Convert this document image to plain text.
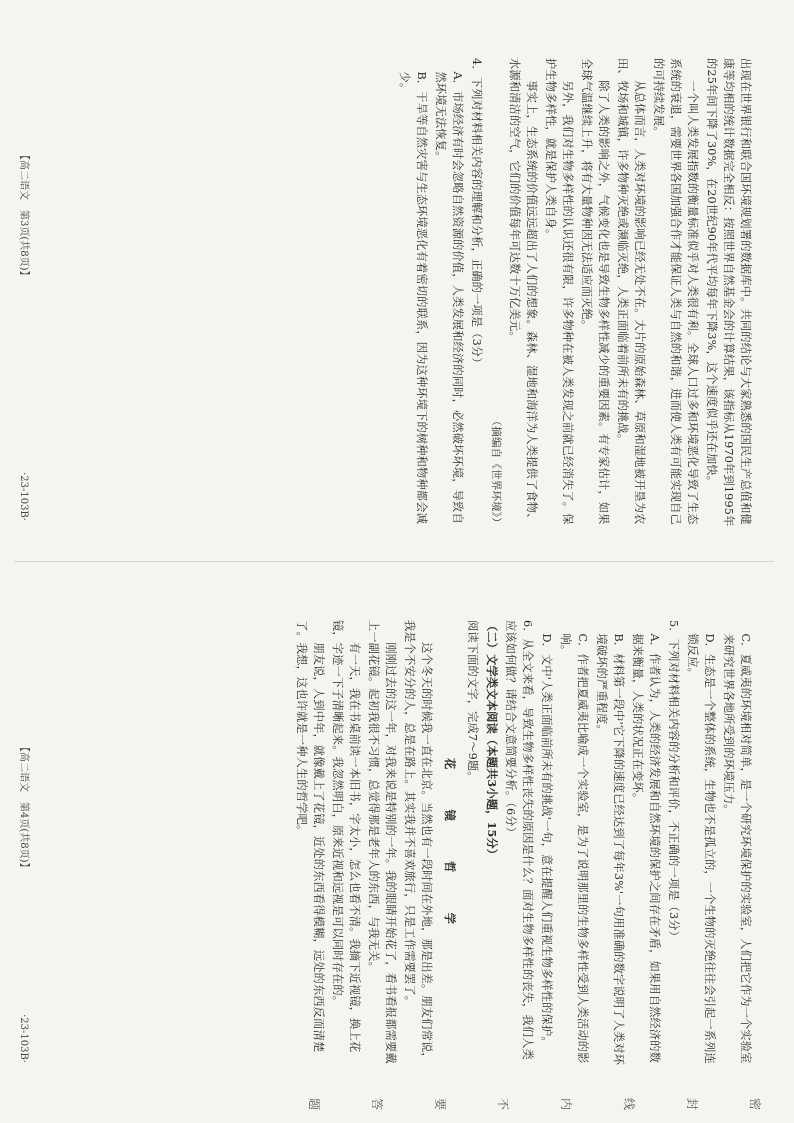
出现在世界银行和联合国环境规划署的数据库中。共同的结论与大家熟悉的国民生产总值和健康等均相的统计数据完全相反：按照世界自然基金会的计算结果，该指标从1970年到1995年的25年间下降了30%，在20世纪90年代平均每年下降3%，这个速度似乎还在加快。

一个叫人类发展指数的衡量标准似乎对人类很有利。全球人口过多和环境恶化导致了生态系统的衰退，需要世界各国加强合作才能保证人类与自然的和谐，进而使人类有可能实现自己的可持续发展。

从总体而言，人类对环境的影响已经无处不在。大片的原始森林、草原和湿地被开垦为农田、牧场和城镇，许多物种灭绝或濒临灭绝，人类正面临着前所未有的挑战。

除了人类的影响之外，气候变化也是导致生物多样性减少的重要因素。有专家估计，如果全球气温继续上升，将有大量物种因无法适应而灭绝。

另外，我们对生物多样性的认识还很有限，许多物种在被人类发现之前就已经消失了。保护生物多样性，就是保护人类自身。

事实上，生态系统的价值远远超出了人们的想象。森林、湿地和海洋为人类提供了食物、水源和清洁的空气，它们的价值每年可达数十万亿美元。

（摘编自《世界环境》）

4．下列对材料相关内容的理解和分析，正确的一项是（3分）

A．市场经济有时会忽略自然资源的价值，人类发展和经济的同时，必然破坏环境，导致自然环境无法恢复。

B．干旱等自然灾害与生态环境恶化有着密切的联系，因为这种环境下的树种和物种都会减少。

【高二语文　第3页(共8页)】
·23-103B·

C．夏威夷的环境相对简单，是一个研究环境保护的实验室，人们把它作为一个实验室来研究世界各地所受到的环境压力。

D．生态是一个整体的系统，生物也不是孤立的，一个生物的灭绝往往会引起一系列连锁反应。

5．下列对材料相关内容的分析和评价，不正确的一项是（3分）

A．作者认为，人类的经济发展和自然环境的保护之间存在矛盾，如果用自然经济的数据来衡量，人类的状况正在变坏。

B．材料第一段中'它下降的速度已经达到了每年3%'一句用准确的数字说明了人类对环境破坏的严重程度。

C．作者把夏威夷比喻成一个实验室，是为了说明那里的生物多样性受到人类活动的影响。

D．文中'人类正面临前所未有的挑战'一句，意在提醒人们重视生物多样性的保护。

6．从全文来看，导致生物多样性丧失的原因是什么？面对生物多样性的丧失，我们人类应该如何做？请结合文意简要分析。（6分）

（二）文学类文本阅读（本题共3小题，15分）

阅读下面的文字，完成7～9题。

花　　镜　　哲　　学

这个冬天的时候我一直在北京。当然也有一段时间在外地，那是出差。朋友们常说，我是个不安分的人，总是在路上。其实我并不喜欢旅行，只是工作需要罢了。

刚刚过去的这一年，对我来说是特别的一年。我的眼睛开始花了，看书看报都需要戴上一副花镜。起初我很不习惯，总觉得那是老年人的东西，与我无关。

有一天，我在书桌前读一本旧书，字太小，怎么也看不清。我摘下近视镜，换上花镜，字迹一下子清晰起来。我忽然明白，原来近视和远视是可以同时存在的。

朋友说，人到中年，就像戴上了花镜，近处的东西看得模糊，远处的东西反而清楚了。我想，这也许就是一种人生的哲学吧。

密
封
线
内
不
要
答
题
【高二语文　第4页(共8页)】
·23-103B·
